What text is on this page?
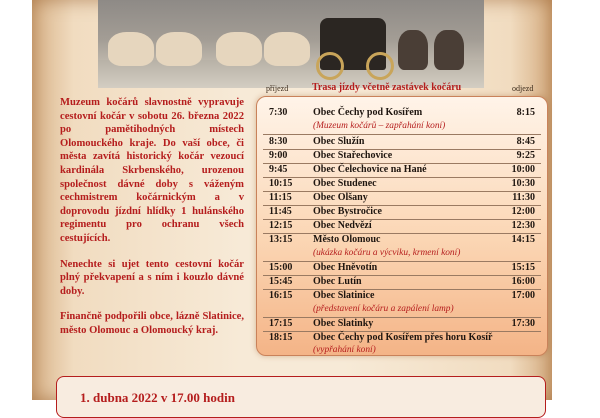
Muzeum kočárů slavnostně vypravuje cestovní kočár v sobotu 26. března 2022 po pamětihodných místech Olomouckého kraje. Do vaší obce, či města zavítá historický kočár vezoucí kardinála Skrbenského, urozenou společnost dávné doby s váženým cechmistrem kočárnickým a v doprovodu jízdní hlídky 1 hulánského regimentu pro ochranu všech cestujících.

Nenechte si ujet tento cestovní kočár plný překvapení a s ním i kouzlo dávné doby.

Finančně podpořili obce, lázně Slatinice, město Olomouc a Olomoucký kraj.

příjezd Trasa jízdy včetně zastávek kočáru	odjezd
7:30	Obec Čechy pod Kosířem	8:15
(Muzeum kočárů – zapřahání koní)
8:30	Obec Služín	8:45
9:00	Obec Stařechovice	9:25
9:45	Obec Čelechovice na Hané	10:00
10:15 Obec Studenec	10:30
11:15 Obec Olšany	11:30
11:45 Obec Bystročice	12:00
12:15 Obec Nedvězí	12:30
13:15 Město Olomouc	14:15
(ukázka kočáru a výcviku, krmení koní)
15:00 Obec Hněvotín	15:15
15:45 Obec Lutín	16:00
16:15 Obec Slatinice	17:00
(představení kočáru a zapálení lamp)
17:15 Obec Slatinky	17:30
18:15 Obec Čechy pod Kosířem přes horu Kosíř
(vypřahání koní)
1. dubna 2022 v 17.00 hodin
